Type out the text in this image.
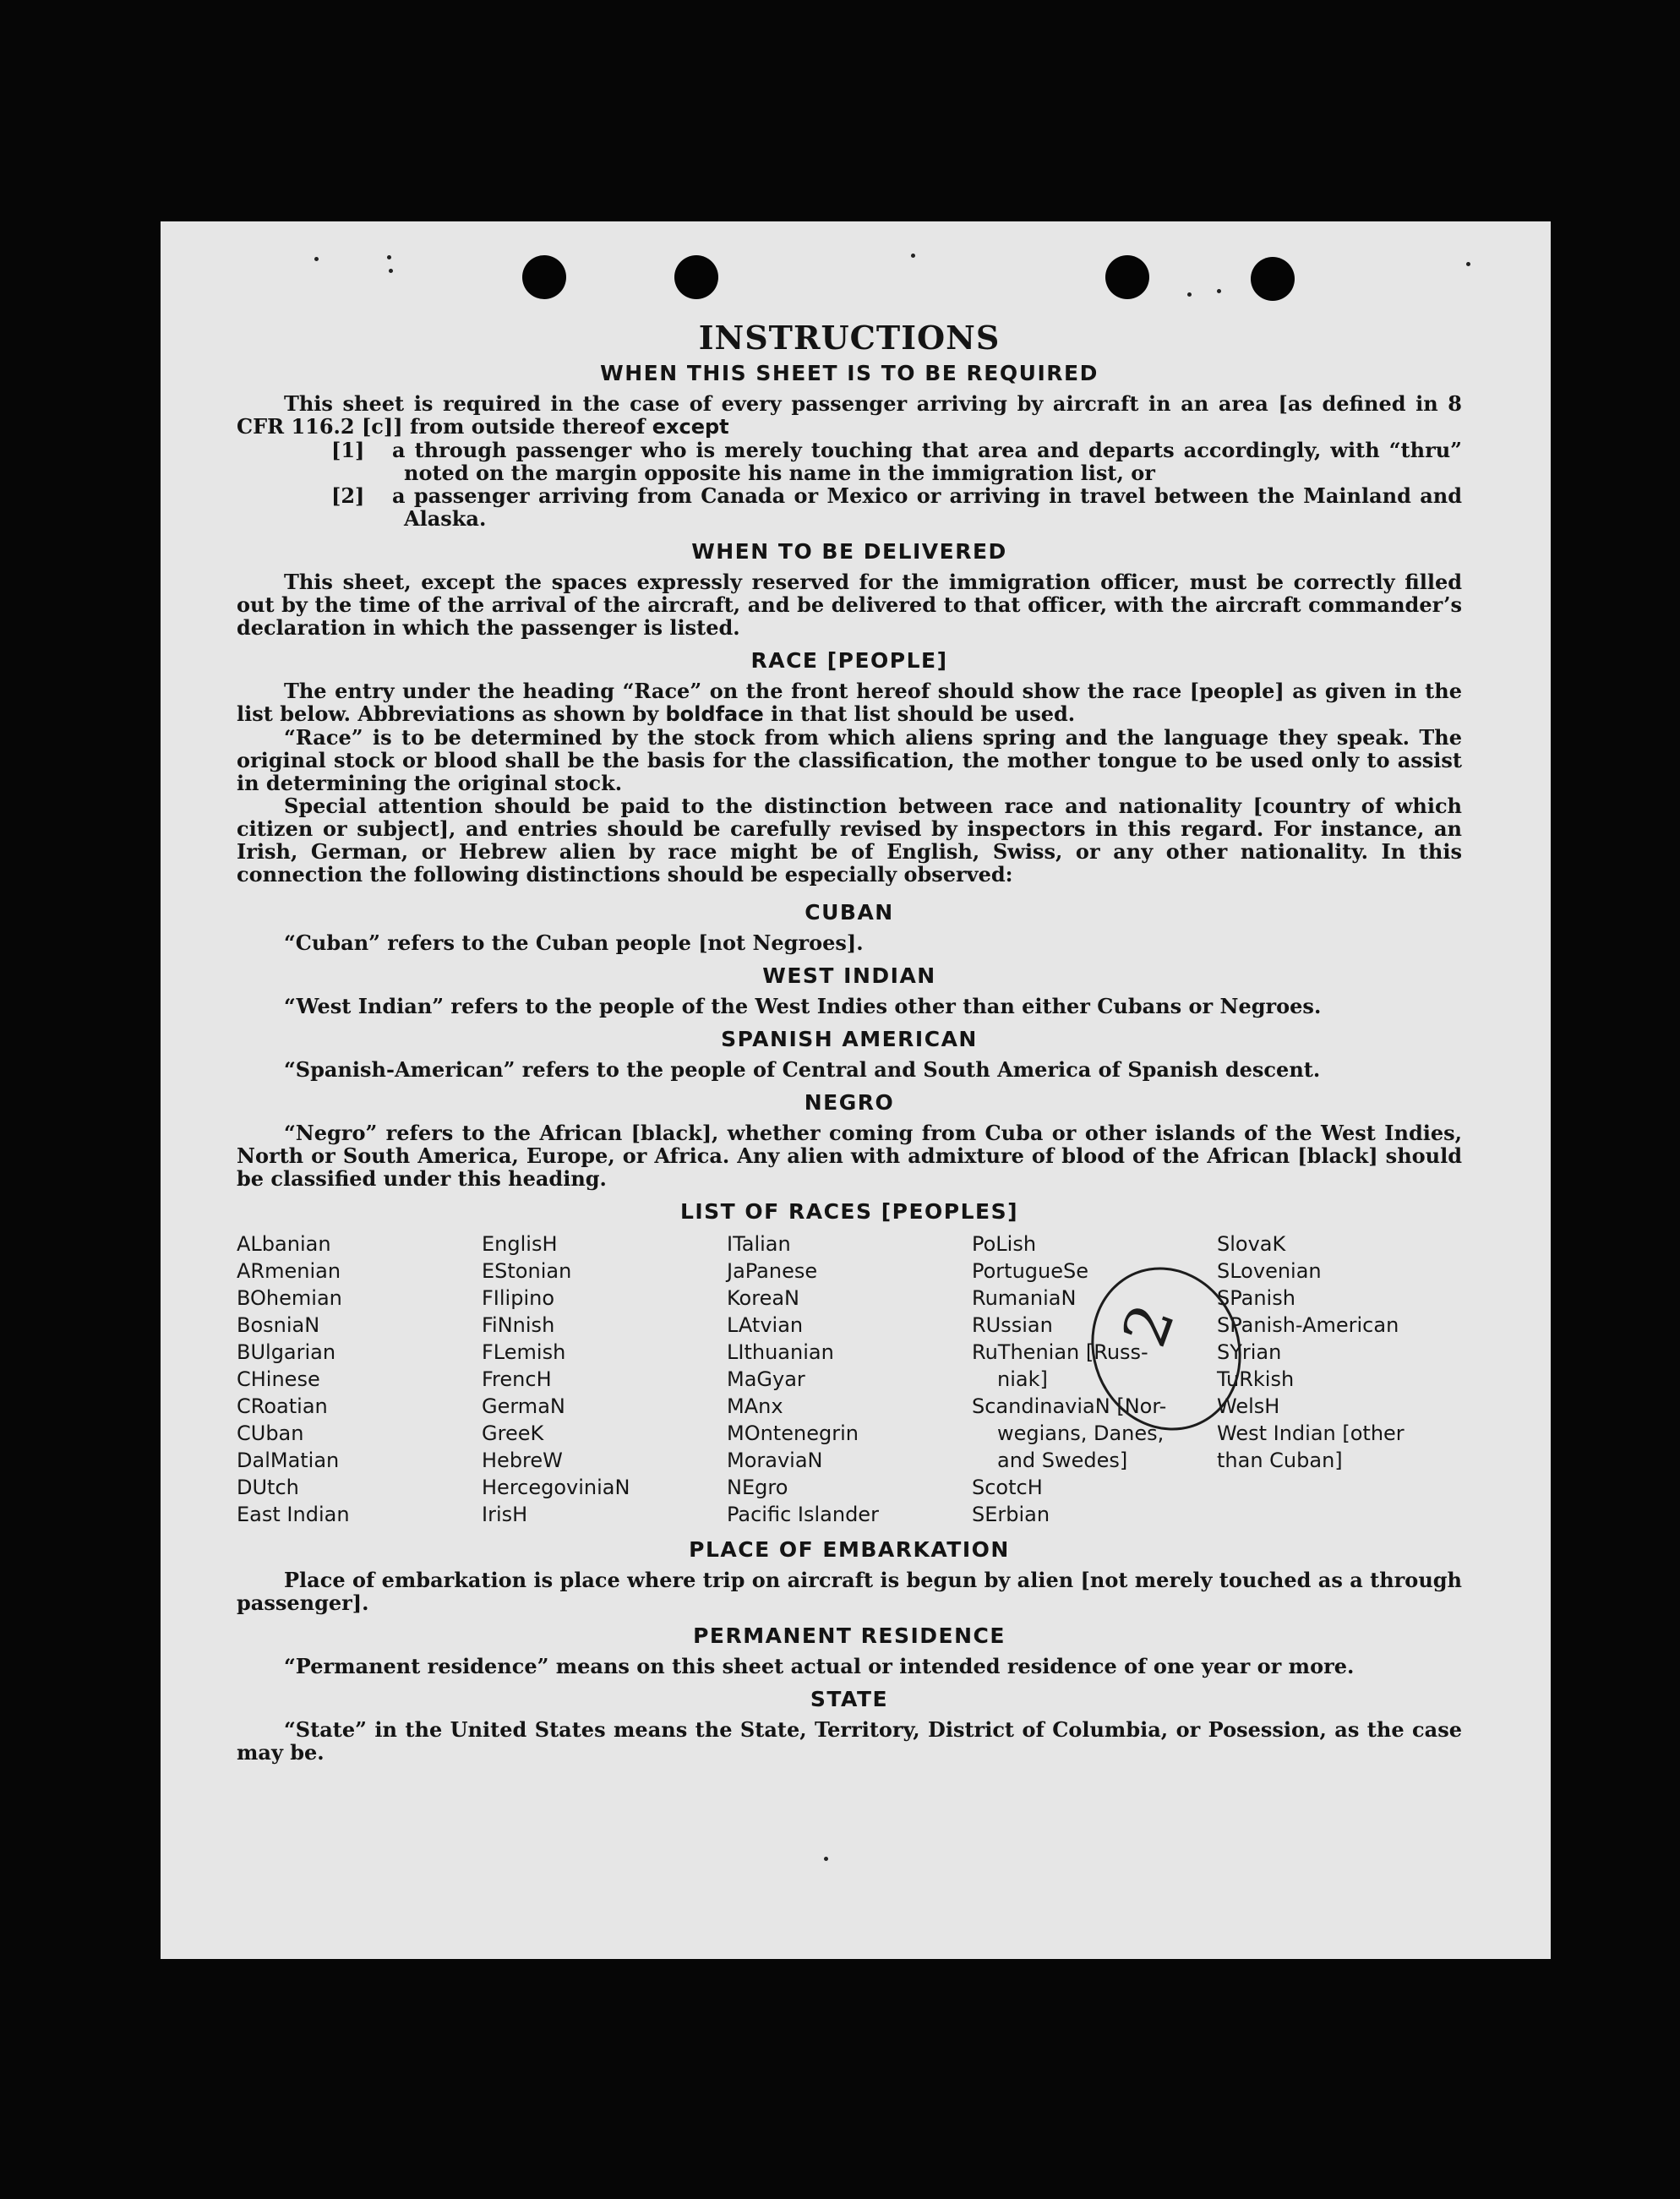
INSTRUCTIONS
WHEN THIS SHEET IS TO BE REQUIRED

This sheet is required in the case of every passenger arriving by aircraft in an area [as defined in 8 CFR 116.2 [c]] from outside thereof except

[1] a through passenger who is merely touching that area and departs accordingly, with “thru” noted on the margin opposite his name in the immigration list, or

[2] a passenger arriving from Canada or Mexico or arriving in travel between the Mainland and Alaska.

WHEN TO BE DELIVERED

This sheet, except the spaces expressly reserved for the immigration officer, must be correctly filled out by the time of the arrival of the aircraft, and be delivered to that officer, with the aircraft commander’s declaration in which the passenger is listed.

RACE [PEOPLE]

The entry under the heading “Race” on the front hereof should show the race [people] as given in the list below. Abbreviations as shown by boldface in that list should be used.

“Race” is to be determined by the stock from which aliens spring and the language they speak. The original stock or blood shall be the basis for the classification, the mother tongue to be used only to assist in determining the original stock.

Special attention should be paid to the distinction between race and nationality [country of which citizen or subject], and entries should be carefully revised by inspectors in this regard. For instance, an Irish, German, or Hebrew alien by race might be of English, Swiss, or any other nationality. In this connection the following distinctions should be especially observed:

CUBAN

“Cuban” refers to the Cuban people [not Negroes].

WEST INDIAN

“West Indian” refers to the people of the West Indies other than either Cubans or Negroes.

SPANISH AMERICAN

“Spanish-American” refers to the people of Central and South America of Spanish descent.

NEGRO

“Negro” refers to the African [black], whether coming from Cuba or other islands of the West Indies, North or South America, Europe, or Africa. Any alien with admixture of blood of the African [black] should be classified under this heading.

LIST OF RACES [PEOPLES]
ALbanian
ARmenian
BOhemian
BosniaN
BUlgarian
CHinese
CRoatian
CUban
DalMatian
DUtch
East Indian
EnglisH
EStonian
FIlipino
FiNnish
FLemish
FrencH
GermaN
GreeK
HebreW
HercegoviniaN
IrisH
ITalian
JaPanese
KoreaN
LAtvian
LIthuanian
MaGyar
MAnx
MOntenegrin
MoraviaN
NEgro
Pacific Islander
PoLish
PortugueSe
RumaniaN
RUssian
RuThenian [Russ-
niak]
ScandinaviaN [Nor-
wegians, Danes,
and Swedes]
ScotcH
SErbian
SlovaK
SLovenian
SPanish
SPanish-American
SYrian
TuRkish
WelsH
West Indian [other
than Cuban]
PLACE OF EMBARKATION

Place of embarkation is place where trip on aircraft is begun by alien [not merely touched as a through passenger].

PERMANENT RESIDENCE

“Permanent residence” means on this sheet actual or intended residence of one year or more.

STATE

“State” in the United States means the State, Territory, District of Columbia, or Posession, as the case may be.

2
